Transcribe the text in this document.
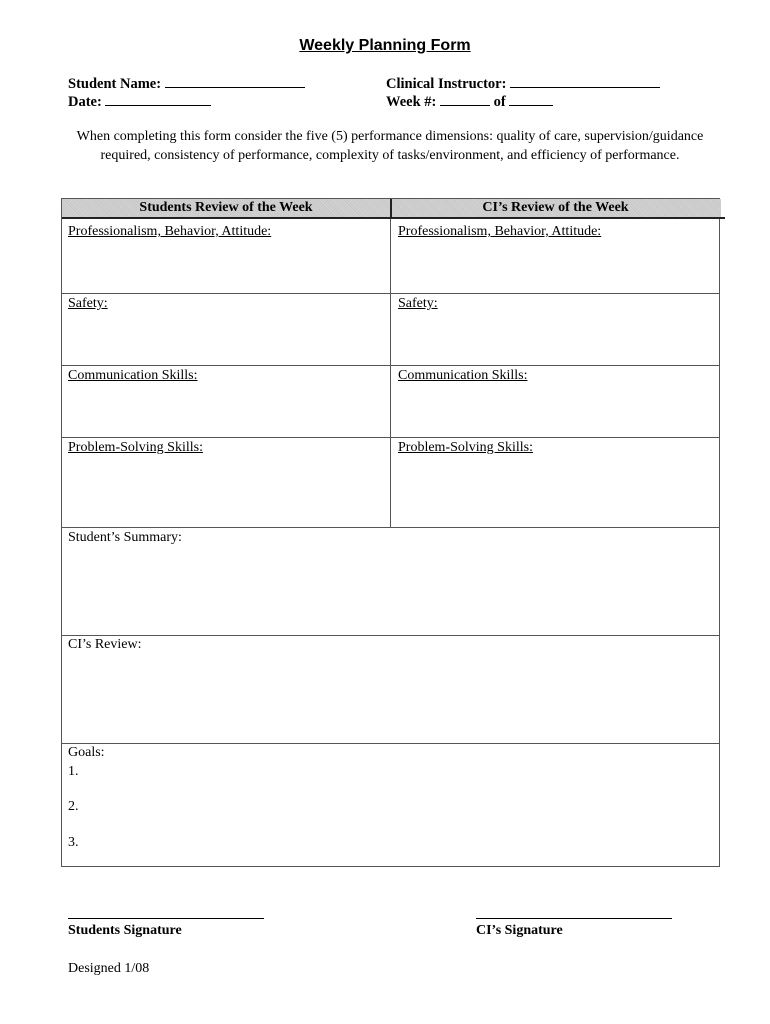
Weekly Planning Form
Student Name:
Date:
Clinical Instructor:
Week #:	of
When completing this form consider the five (5) performance dimensions: quality of care, supervision/guidance required, consistency of performance, complexity of tasks/environment, and efficiency of performance.
Students Review of the Week	CI’s Review of the Week
Professionalism, Behavior, Attitude:	Professionalism, Behavior, Attitude:
Safety:	Safety:
Communication Skills:	Communication Skills:
Problem-Solving Skills:	Problem-Solving Skills:
Student’s Summary:
CI’s Review:
Goals:
1.
2.
3.
Students Signature	CI’s Signature
Designed 1/08
